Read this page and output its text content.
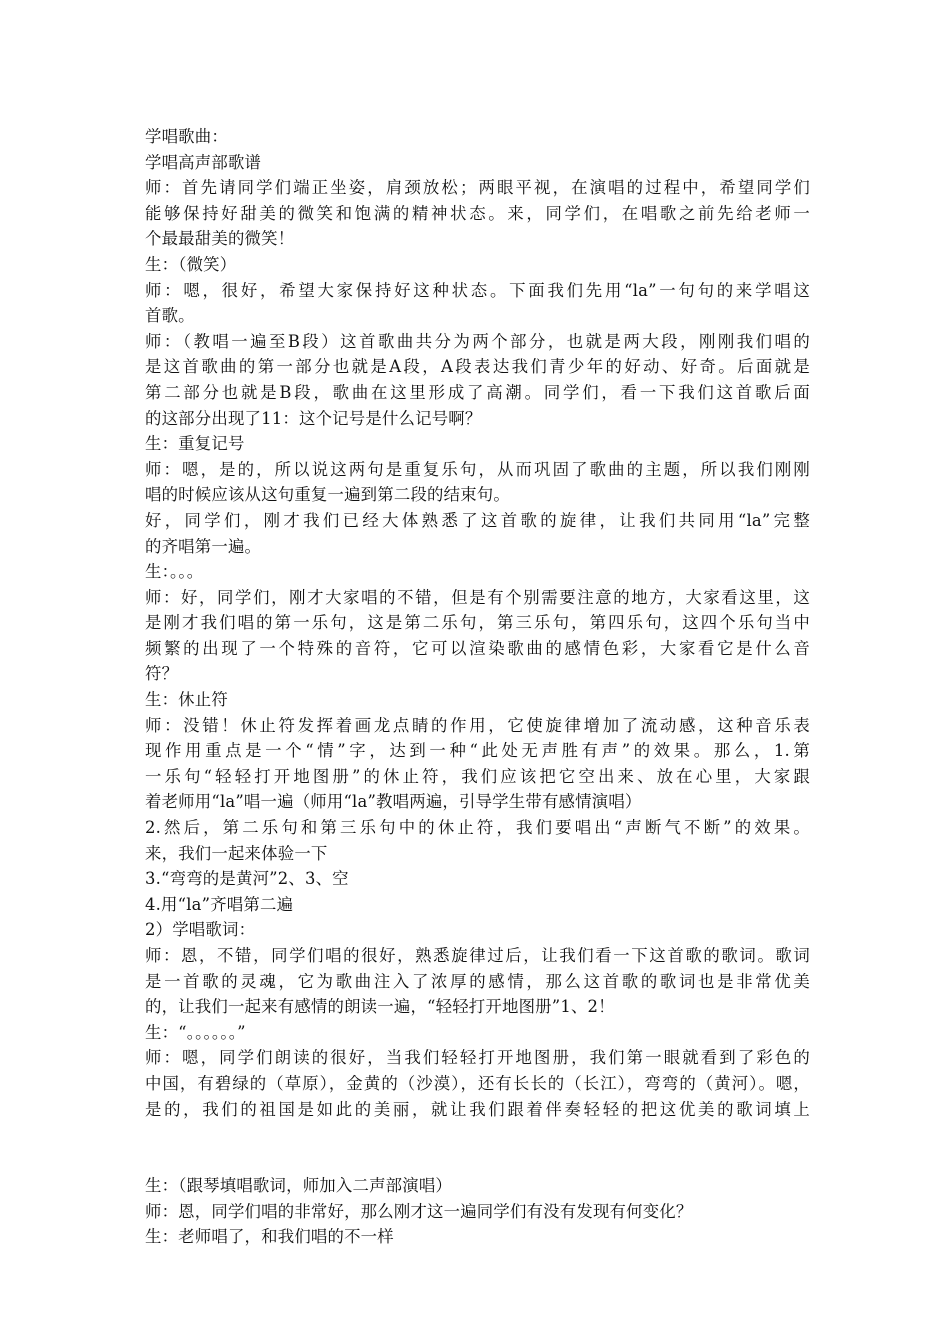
学唱歌曲：
学唱高声部歌谱
师：首先请同学们端正坐姿，肩颈放松；两眼平视，在演唱的过程中，希望同学们
能够保持好甜美的微笑和饱满的精神状态。来，同学们，在唱歌之前先给老师一
个最最甜美的微笑！
生：（微笑）
师：嗯，很好，希望大家保持好这种状态。下面我们先用“la”一句句的来学唱这
首歌。
师：（教唱一遍至B段）这首歌曲共分为两个部分，也就是两大段，刚刚我们唱的
是这首歌曲的第一部分也就是A段，A段表达我们青少年的好动、好奇。后面就是
第二部分也就是B段，歌曲在这里形成了高潮。同学们，看一下我们这首歌后面
的这部分出现了11：这个记号是什么记号啊？
生：重复记号
师：嗯，是的，所以说这两句是重复乐句，从而巩固了歌曲的主题，所以我们刚刚
唱的时候应该从这句重复一遍到第二段的结束句。
好，同学们，刚才我们已经大体熟悉了这首歌的旋律，让我们共同用“la”完整
的齐唱第一遍。
生：。。。
师：好，同学们，刚才大家唱的不错，但是有个别需要注意的地方，大家看这里，这
是刚才我们唱的第一乐句，这是第二乐句，第三乐句，第四乐句，这四个乐句当中
频繁的出现了一个特殊的音符，它可以渲染歌曲的感情色彩，大家看它是什么音
符？
生：休止符
师：没错！休止符发挥着画龙点睛的作用，它使旋律增加了流动感，这种音乐表
现作用重点是一个“情”字，达到一种“此处无声胜有声”的效果。那么，1.第
一乐句“轻轻打开地图册”的休止符，我们应该把它空出来、放在心里，大家跟
着老师用“la”唱一遍（师用“la”教唱两遍，引导学生带有感情演唱）
2.然后，第二乐句和第三乐句中的休止符，我们要唱出“声断气不断”的效果。
来，我们一起来体验一下
3.“弯弯的是黄河”2、3、空
4.用“la”齐唱第二遍
2）学唱歌词：
师：恩，不错，同学们唱的很好，熟悉旋律过后，让我们看一下这首歌的歌词。歌词
是一首歌的灵魂，它为歌曲注入了浓厚的感情，那么这首歌的歌词也是非常优美
的，让我们一起来有感情的朗读一遍，“轻轻打开地图册”1、2！
生：“。。。。。。”
师：嗯，同学们朗读的很好，当我们轻轻打开地图册，我们第一眼就看到了彩色的
中国，有碧绿的（草原），金黄的（沙漠），还有长长的（长江），弯弯的（黄河）。嗯，
是的，我们的祖国是如此的美丽，就让我们跟着伴奏轻轻的把这优美的歌词填上
生：（跟琴填唱歌词，师加入二声部演唱）
师：恩，同学们唱的非常好，那么刚才这一遍同学们有没有发现有何变化？
生：老师唱了，和我们唱的不一样
